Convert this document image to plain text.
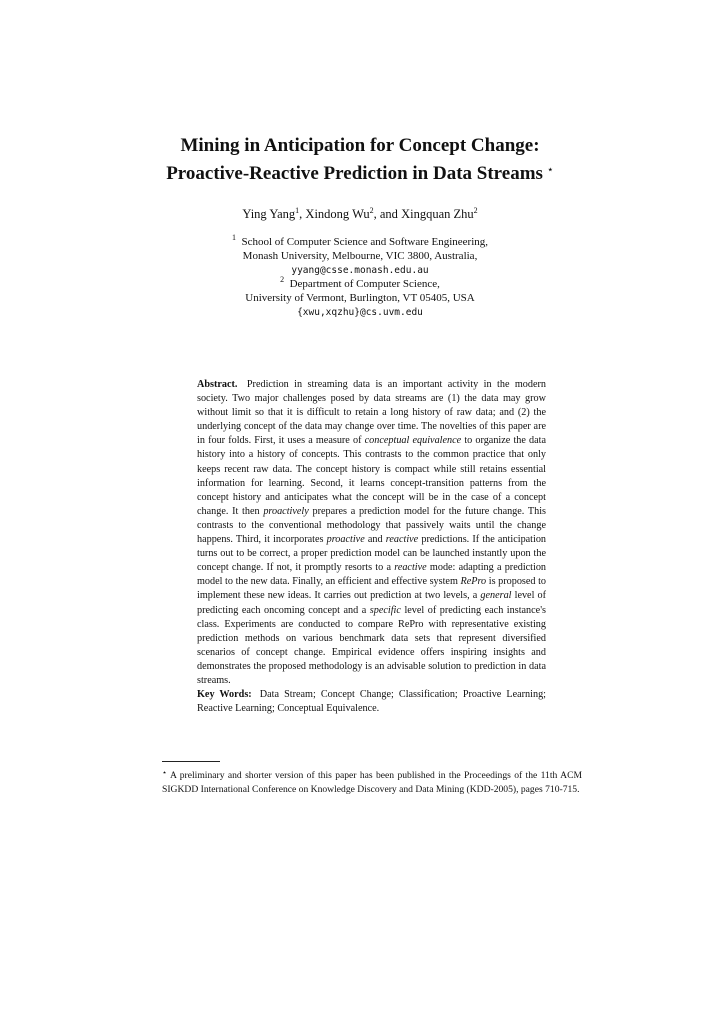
Mining in Anticipation for Concept Change:
Proactive-Reactive Prediction in Data Streams ⋆
Ying Yang$^1$, Xindong Wu$^2$, and Xingquan Zhu$^2$
$^1$ School of Computer Science and Software Engineering,
Monash University, Melbourne, VIC 3800, Australia,
yyang@csse.monash.edu.au
$^2$ Department of Computer Science,
University of Vermont, Burlington, VT 05405, USA
{xwu,xqzhu}@cs.uvm.edu
Abstract. Prediction in streaming data is an important activity in the modern society. Two major challenges posed by data streams are (1) the data may grow without limit so that it is difficult to retain a long history of raw data; and (2) the underlying concept of the data may change over time. The novelties of this paper are in four folds. First, it uses a measure of conceptual equivalence to organize the data history into a history of concepts. This contrasts to the common practice that only keeps recent raw data. The concept history is compact while still retains essential information for learning. Second, it learns concept-transition patterns from the concept history and anticipates what the concept will be in the case of a concept change. It then proactively prepares a prediction model for the future change. This contrasts to the conventional methodology that passively waits until the change happens. Third, it incorporates proactive and reactive predictions. If the anticipation turns out to be correct, a proper prediction model can be launched instantly upon the concept change. If not, it promptly resorts to a reactive mode: adapting a prediction model to the new data. Finally, an efficient and effective system RePro is proposed to implement these new ideas. It carries out prediction at two levels, a general level of predicting each oncoming concept and a specific level of predicting each instance's class. Experiments are conducted to compare RePro with representative existing prediction methods on various benchmark data sets that represent diversified scenarios of concept change. Empirical evidence offers inspiring insights and demonstrates the proposed methodology is an advisable solution to prediction in data streams.
Key Words: Data Stream; Concept Change; Classification; Proactive Learning; Reactive Learning; Conceptual Equivalence.
⋆ A preliminary and shorter version of this paper has been published in the Proceedings of the 11th ACM SIGKDD International Conference on Knowledge Discovery and Data Mining (KDD-2005), pages 710-715.
